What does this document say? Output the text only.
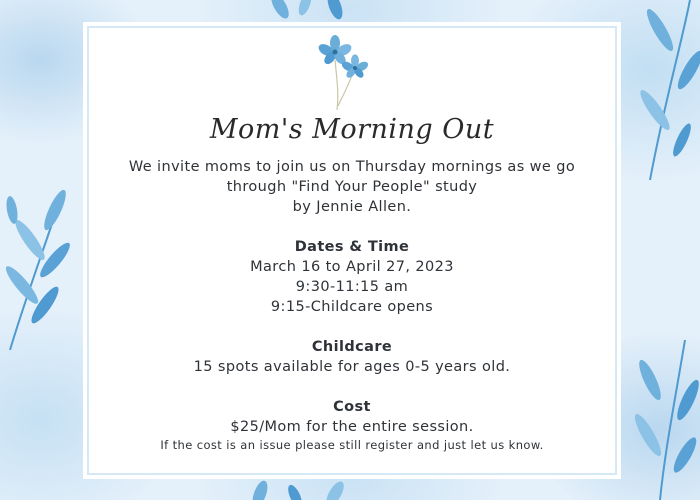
Mom's Morning Out

We invite moms to join us on Thursday mornings as we go

through "Find Your People" study

by Jennie Allen.

Dates & Time

March 16 to April 27, 2023

9:30-11:15 am

9:15-Childcare opens

Childcare

15 spots available for ages 0-5 years old.

Cost

$25/Mom for the entire session.

If the cost is an issue please still register and just let us know.
